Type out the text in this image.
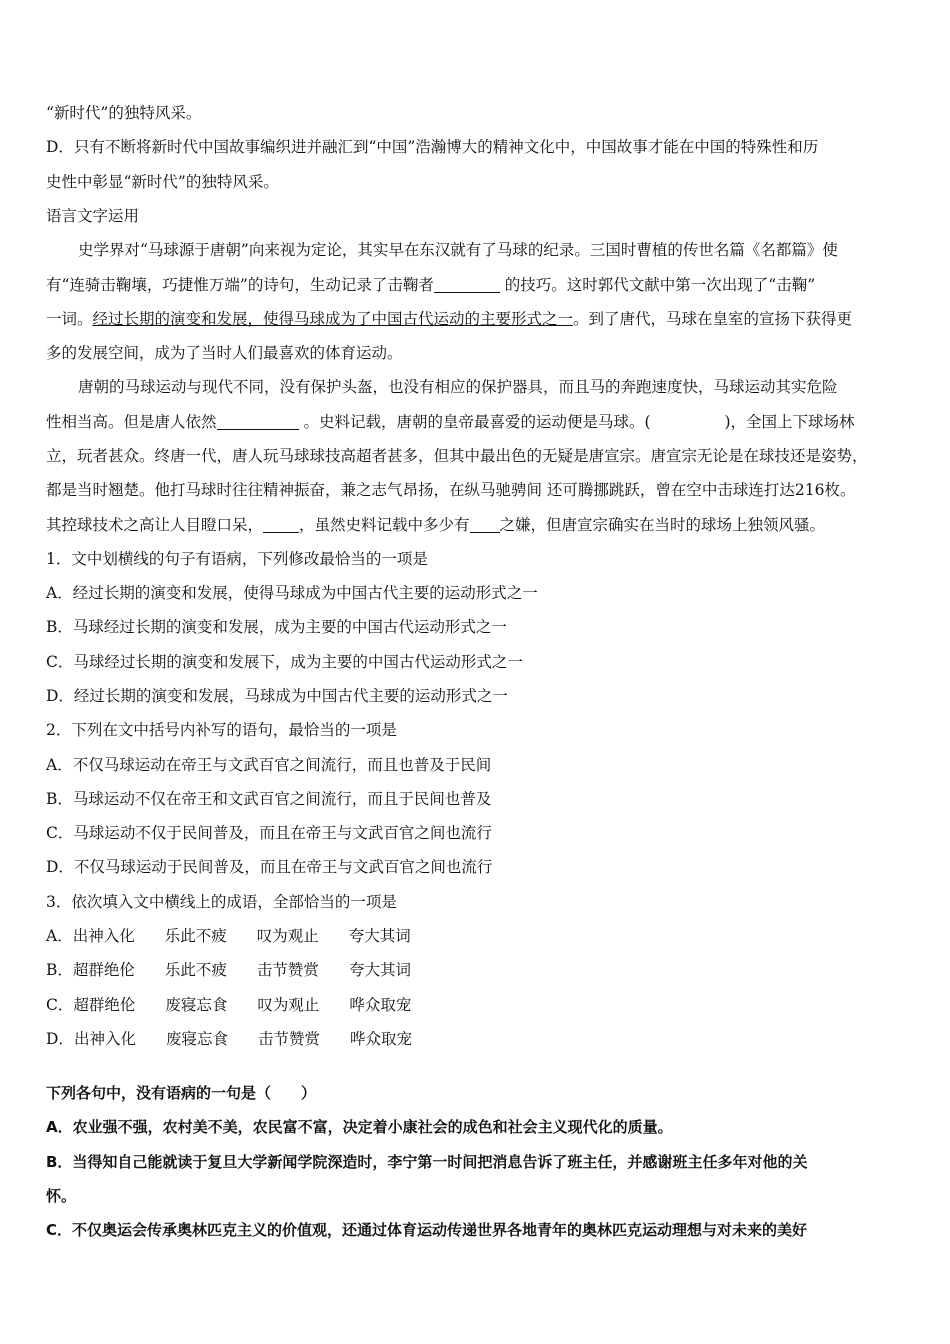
“新时代”的独特风采。
D．只有不断将新时代中国故事编织进并融汇到“中国”浩瀚博大的精神文化中，中国故事才能在中国的特殊性和历
史性中彰显“新时代”的独特风采。
语言文字运用
史学界对“马球源于唐朝”向来视为定论，其实早在东汉就有了马球的纪录。三国时曹植的传世名篇《名都篇》使
有“连骑击鞠壤，巧捷惟万端”的诗句，生动记录了击鞠者	的技巧。这时郭代文献中第一次出现了“击鞠”
一词。经过长期的演变和发展，使得马球成为了中国古代运动的主要形式之一。到了唐代，马球在皇室的宣扬下获得更
多的发展空间，成为了当时人们最喜欢的体育运动。
唐朝的马球运动与现代不同，没有保护头盔，也没有相应的保护器具，而且马的奔跑速度快，马球运动其实危险
性相当高。但是唐人依然	。史料记载，唐朝的皇帝最喜爱的运动便是马球。(	)，全国上下球场林
立，玩者甚众。终唐一代，唐人玩马球球技高超者甚多，但其中最出色的无疑是唐宣宗。唐宣宗无论是在球技还是姿势，
都是当时翘楚。他打马球时往往精神振奋，兼之志气昂扬，在纵马驰骋间 还可腾挪跳跃，曾在空中击球连打达216枚。
其控球技术之高让人目瞪口呆， ，虽然史料记载中多少有 之嫌，但唐宣宗确实在当时的球场上独领风骚。
1．文中划横线的句子有语病，下列修改最恰当的一项是
A．经过长期的演变和发展，使得马球成为中国古代主要的运动形式之一
B．马球经过长期的演变和发展，成为主要的中国古代运动形式之一
C．马球经过长期的演变和发展下，成为主要的中国古代运动形式之一
D．经过长期的演变和发展，马球成为中国古代主要的运动形式之一
2．下列在文中括号内补写的语句，最恰当的一项是
A．不仅马球运动在帝王与文武百官之间流行，而且也普及于民间
B．马球运动不仅在帝王和文武百官之间流行，而且于民间也普及
C．马球运动不仅于民间普及，而且在帝王与文武百官之间也流行
D．不仅马球运动于民间普及，而且在帝王与文武百官之间也流行
3．依次填入文中横线上的成语，全部恰当的一项是
A．出神入化 乐此不疲 叹为观止 夸大其词
B．超群绝伦 乐此不疲 击节赞赏 夸大其词
C．超群绝伦 废寝忘食 叹为观止 哗众取宠
D．出神入化 废寝忘食 击节赞赏 哗众取宠
下列各句中，没有语病的一句是（　　）
A．农业强不强，农村美不美，农民富不富，决定着小康社会的成色和社会主义现代化的质量。
B．当得知自己能就读于复旦大学新闻学院深造时，李宁第一时间把消息告诉了班主任，并感谢班主任多年对他的关
怀。
C．不仅奥运会传承奥林匹克主义的价值观，还通过体育运动传递世界各地青年的奥林匹克运动理想与对未来的美好
